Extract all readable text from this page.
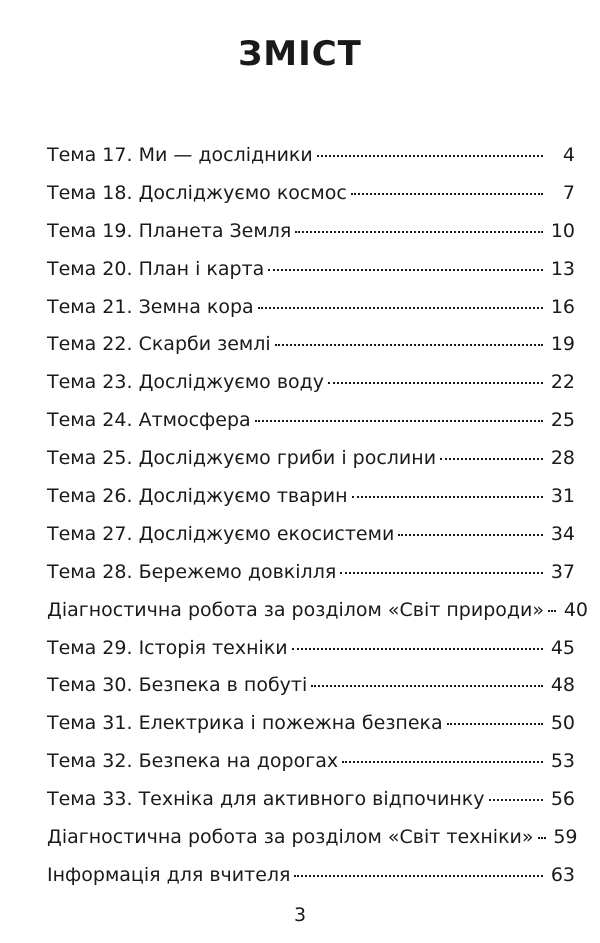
ЗМІСТ
Тема 17. Ми — дослідники	4
Тема 18. Досліджуємо космос	7
Тема 19. Планета Земля	10
Тема 20. План і карта	13
Тема 21. Земна кора	16
Тема 22. Скарби землі	19
Тема 23. Досліджуємо воду	22
Тема 24. Атмосфера	25
Тема 25. Досліджуємо гриби і рослини	28
Тема 26. Досліджуємо тварин	31
Тема 27. Досліджуємо екосистеми	34
Тема 28. Бережемо довкілля	37
Діагностична робота за розділом «Світ природи» 40
Тема 29. Історія техніки	45
Тема 30. Безпека в побуті	48
Тема 31. Електрика і пожежна безпека	50
Тема 32. Безпека на дорогах	53
Тема 33. Техніка для активного відпочинку	56
Діагностична робота за розділом «Світ техніки» 59
Інформація для вчителя	63
3
